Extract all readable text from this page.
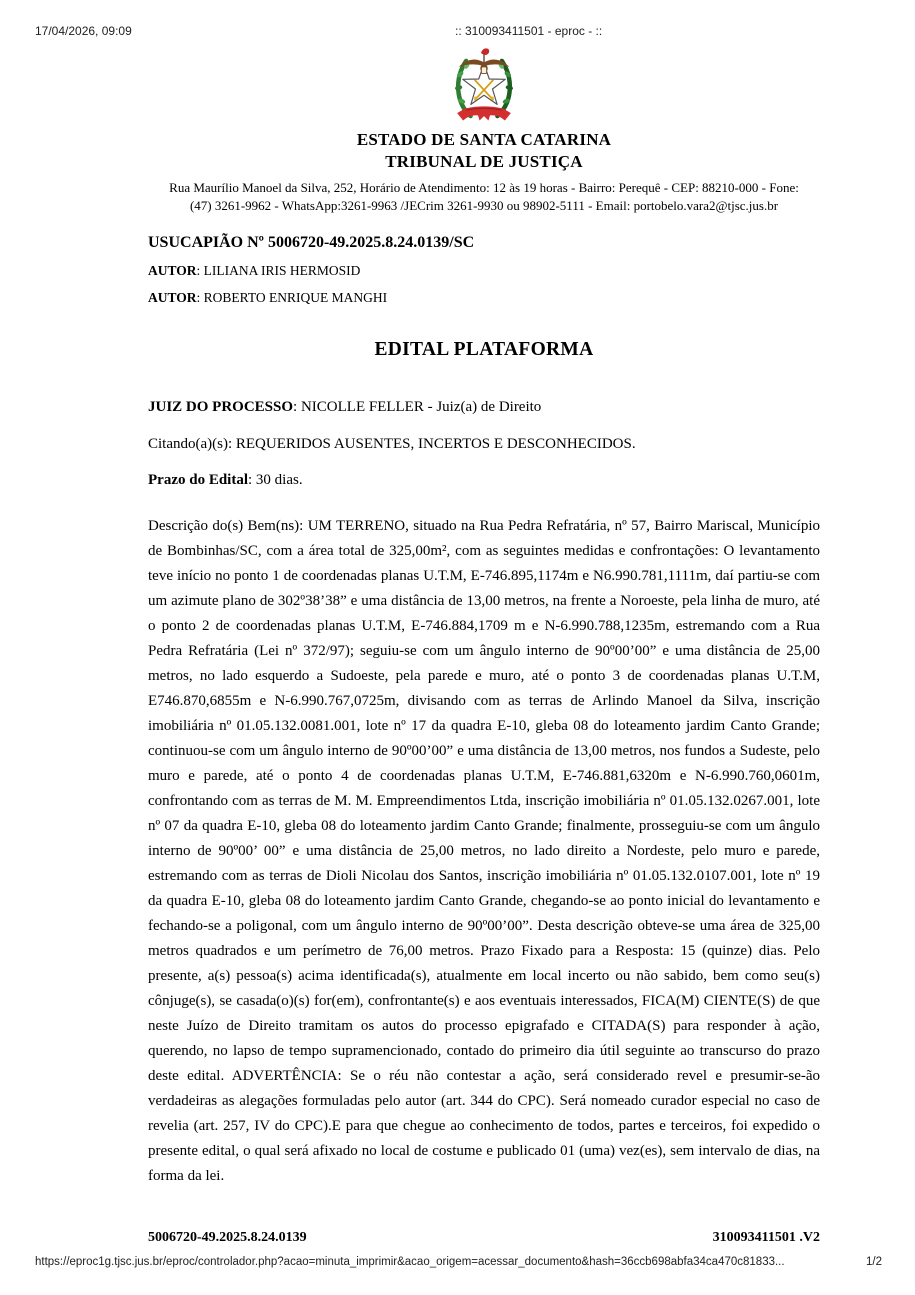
17/04/2026, 09:09	:: 310093411501 - eproc - ::
ESTADO DE SANTA CATARINA
TRIBUNAL DE JUSTIÇA
Rua Maurílio Manoel da Silva, 252, Horário de Atendimento: 12 às 19 horas - Bairro: Perequê - CEP: 88210-000 - Fone:
(47) 3261-9962 - WhatsApp:3261-9963 /JECrim 3261-9930 ou 98902-5111 - Email: portobelo.vara2@tjsc.jus.br
USUCAPIÃO Nº 5006720-49.2025.8.24.0139/SC
AUTOR: LILIANA IRIS HERMOSID
AUTOR: ROBERTO ENRIQUE MANGHI
EDITAL PLATAFORMA
JUIZ DO PROCESSO: NICOLLE FELLER - Juiz(a) de Direito
Citando(a)(s): REQUERIDOS AUSENTES, INCERTOS E DESCONHECIDOS.
Prazo do Edital: 30 dias.
Descrição do(s) Bem(ns): UM TERRENO, situado na Rua Pedra Refratária, nº 57, Bairro Mariscal, Município de Bombinhas/SC, com a área total de 325,00m², com as seguintes medidas e confrontações: O levantamento teve início no ponto 1 de coordenadas planas U.T.M, E-746.895,1174m e N6.990.781,1111m, daí partiu-se com um azimute plano de 302º38’38” e uma distância de 13,00 metros, na frente a Noroeste, pela linha de muro, até o ponto 2 de coordenadas planas U.T.M, E-746.884,1709 m e N-6.990.788,1235m, estremando com a Rua Pedra Refratária (Lei nº 372/97); seguiu-se com um ângulo interno de 90º00’00” e uma distância de 25,00 metros, no lado esquerdo a Sudoeste, pela parede e muro, até o ponto 3 de coordenadas planas U.T.M, E746.870,6855m e N-6.990.767,0725m, divisando com as terras de Arlindo Manoel da Silva, inscrição imobiliária nº 01.05.132.0081.001, lote nº 17 da quadra E-10, gleba 08 do loteamento jardim Canto Grande; continuou-se com um ângulo interno de 90º00’00” e uma distância de 13,00 metros, nos fundos a Sudeste, pelo muro e parede, até o ponto 4 de coordenadas planas U.T.M, E-746.881,6320m e N-6.990.760,0601m, confrontando com as terras de M. M. Empreendimentos Ltda, inscrição imobiliária nº 01.05.132.0267.001, lote nº 07 da quadra E-10, gleba 08 do loteamento jardim Canto Grande; finalmente, prosseguiu-se com um ângulo interno de 90º00’ 00” e uma distância de 25,00 metros, no lado direito a Nordeste, pelo muro e parede, estremando com as terras de Dioli Nicolau dos Santos, inscrição imobiliária nº 01.05.132.0107.001, lote nº 19 da quadra E-10, gleba 08 do loteamento jardim Canto Grande, chegando-se ao ponto inicial do levantamento e fechando-se a poligonal, com um ângulo interno de 90º00’00”. Desta descrição obteve-se uma área de 325,00 metros quadrados e um perímetro de 76,00 metros. Prazo Fixado para a Resposta: 15 (quinze) dias. Pelo presente, a(s) pessoa(s) acima identificada(s), atualmente em local incerto ou não sabido, bem como seu(s) cônjuge(s), se casada(o)(s) for(em), confrontante(s) e aos eventuais interessados, FICA(M) CIENTE(S) de que neste Juízo de Direito tramitam os autos do processo epigrafado e CITADA(S) para responder à ação, querendo, no lapso de tempo supramencionado, contado do primeiro dia útil seguinte ao transcurso do prazo deste edital. ADVERTÊNCIA: Se o réu não contestar a ação, será considerado revel e presumir-se-ão verdadeiras as alegações formuladas pelo autor (art. 344 do CPC). Será nomeado curador especial no caso de revelia (art. 257, IV do CPC).E para que chegue ao conhecimento de todos, partes e terceiros, foi expedido o presente edital, o qual será afixado no local de costume e publicado 01 (uma) vez(es), sem intervalo de dias, na forma da lei.
5006720-49.2025.8.24.0139	310093411501 .V2
https://eproc1g.tjsc.jus.br/eproc/controlador.php?acao=minuta_imprimir&acao_origem=acessar_documento&hash=36ccb698abfa34ca470c81833...	1/2
